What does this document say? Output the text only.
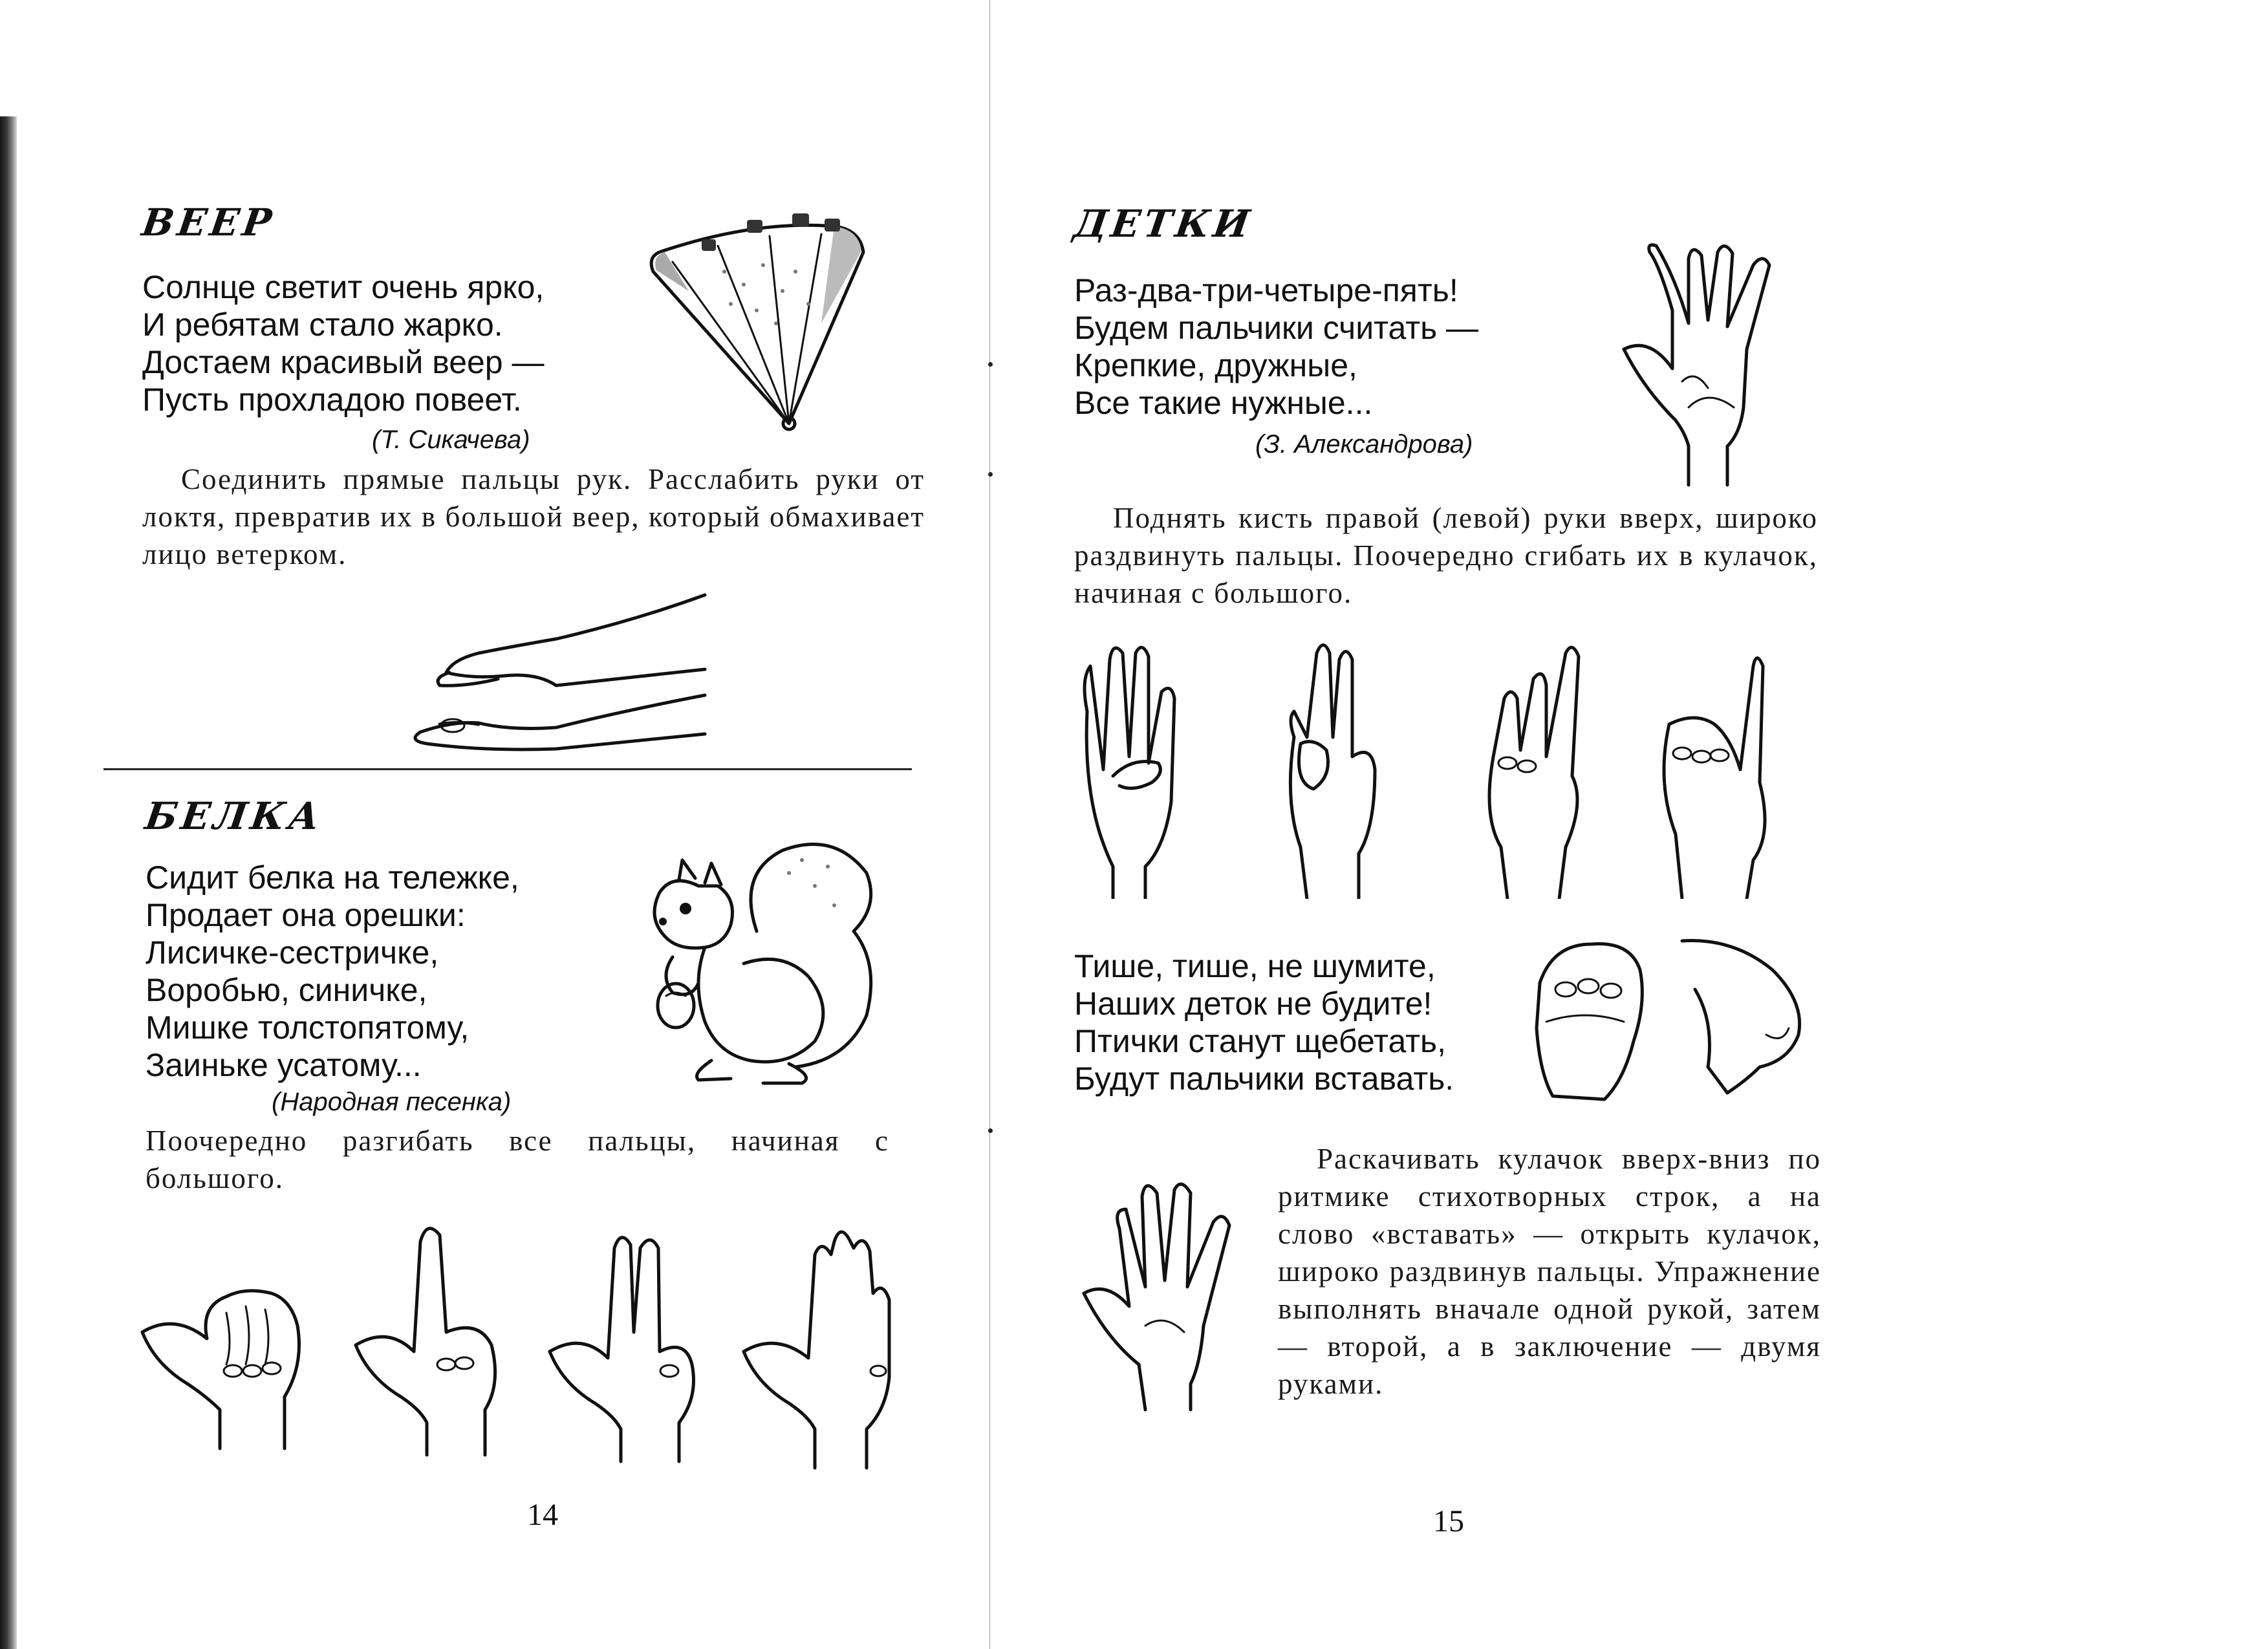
ВЕЕР
Солнце светит очень ярко,
И ребятам стало жарко.
Достаем красивый веер —
Пусть прохладою повеет.
(Т. Сикачева)
Соединить прямые пальцы рук. Расслабить руки от локтя, превратив их в большой веер, который обмахивает лицо ветерком.
БЕЛКА
Сидит белка на тележке,
Продает она орешки:
Лисичке-сестричке,
Воробью, синичке,
Мишке толстопятому,
Заиньке усатому...
(Народная песенка)
Поочередно разгибать все пальцы, начиная с большого.
14
ДЕТКИ
Раз-два-три-четыре-пять!
Будем пальчики считать —
Крепкие, дружные,
Все такие нужные...
(З. Александрова)
Поднять кисть правой (левой) руки вверх, широко раздвинуть пальцы. Поочередно сгибать их в кулачок, начиная с большого.
Тише, тише, не шумите,
Наших деток не будите!
Птички станут щебетать,
Будут пальчики вставать.
Раскачивать кулачок вверх-вниз по ритмике стихотворных строк, а на слово «вставать» — открыть кулачок, широко раздвинув пальцы. Упражнение выполнять вначале одной рукой, затем — второй, а в заключение — двумя руками.
15
